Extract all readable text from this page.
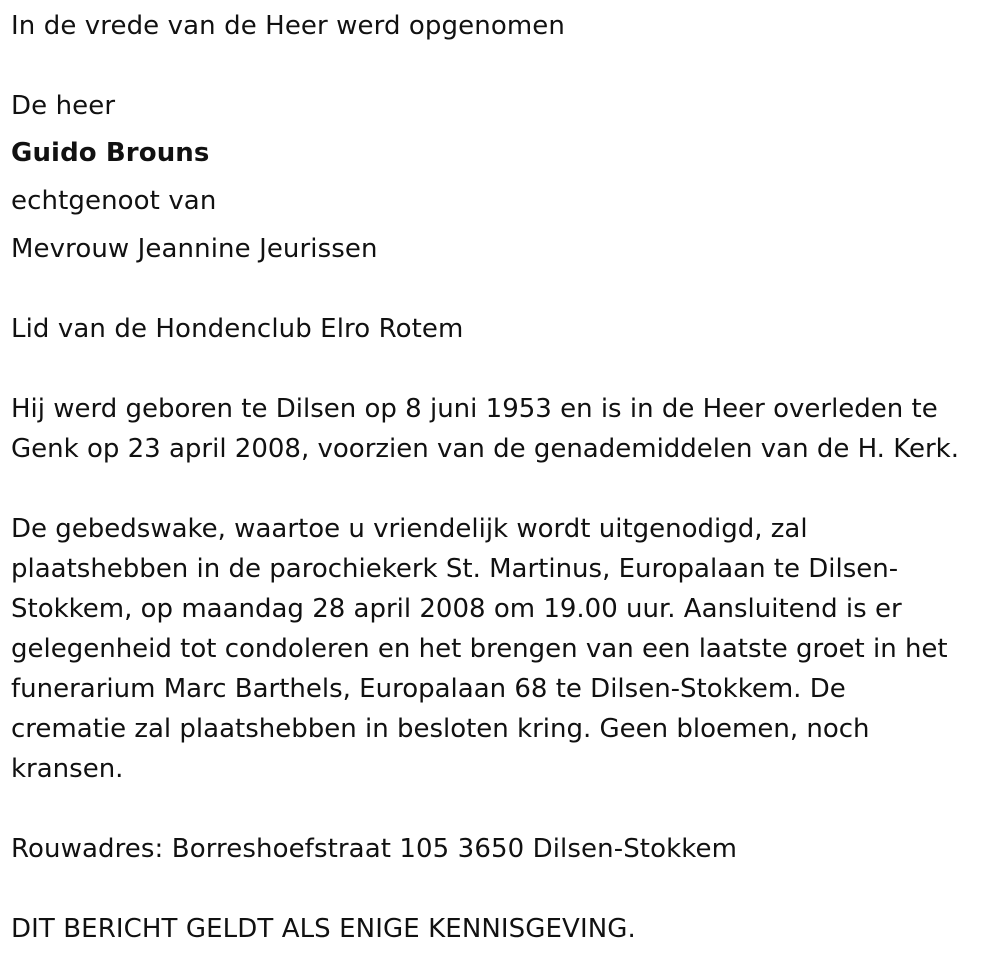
In de vrede van de Heer werd opgenomen
De heer
Guido Brouns
echtgenoot van
Mevrouw Jeannine Jeurissen
Lid van de Hondenclub Elro Rotem
Hij werd geboren te Dilsen op 8 juni 1953 en is in de Heer overleden te
Genk op 23 april 2008, voorzien van de genademiddelen van de H. Kerk.
De gebedswake, waartoe u vriendelijk wordt uitgenodigd, zal
plaatshebben in de parochiekerk St. Martinus, Europalaan te Dilsen-
Stokkem, op maandag 28 april 2008 om 19.00 uur. Aansluitend is er
gelegenheid tot condoleren en het brengen van een laatste groet in het
funerarium Marc Barthels, Europalaan 68 te Dilsen-Stokkem. De
crematie zal plaatshebben in besloten kring. Geen bloemen, noch
kransen.
Rouwadres: Borreshoefstraat 105 3650 Dilsen-Stokkem
DIT BERICHT GELDT ALS ENIGE KENNISGEVING.
